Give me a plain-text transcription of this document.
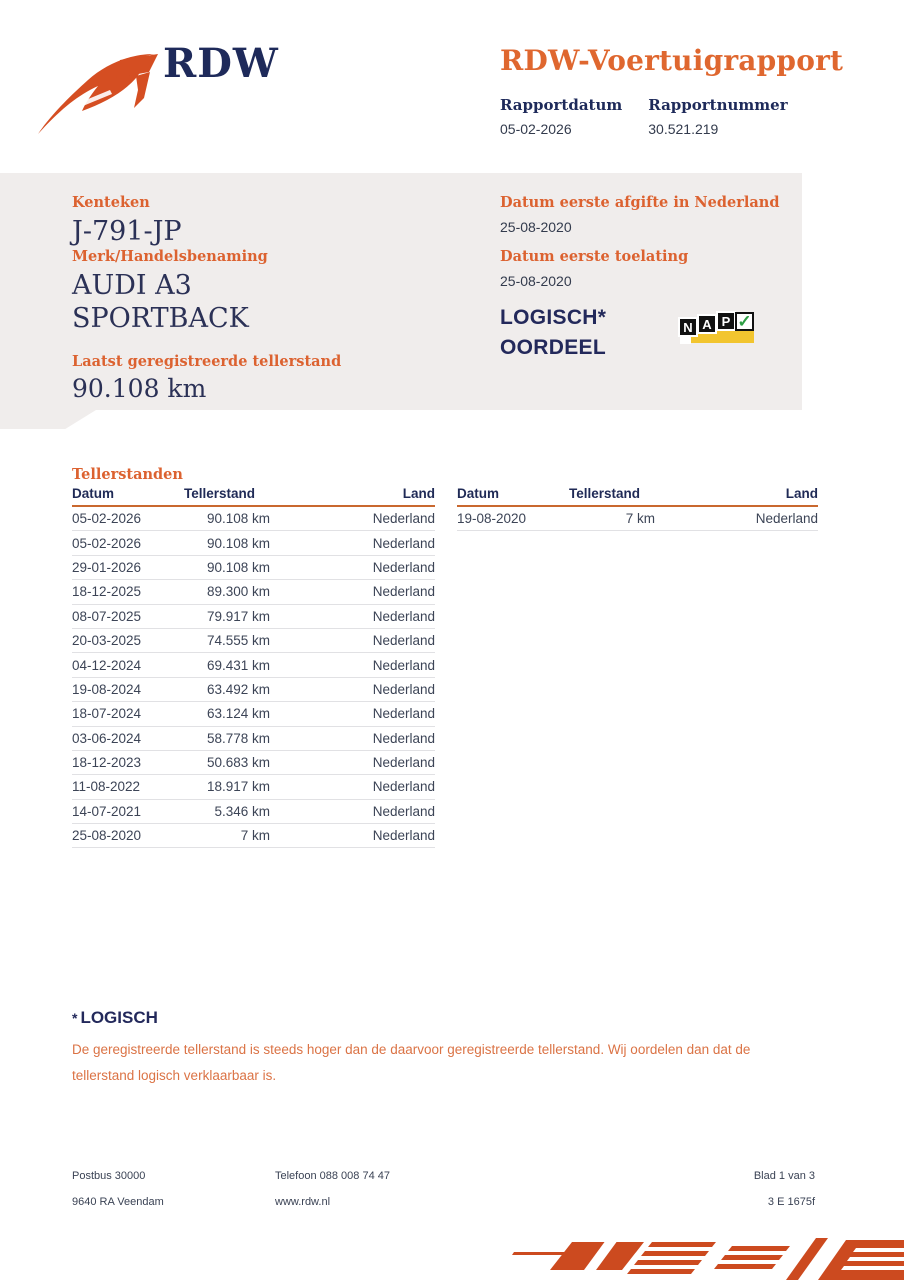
RDW	RDW-Voertuigrapport
Rapportdatum
05-02-2026
Rapportnummer
30.521.219
Kenteken
J-791-JP
Merk/Handelsbenaming
AUDI A3
SPORTBACK
Laatst geregistreerde tellerstand
90.108 km
Datum eerste afgifte in Nederland
25-08-2020
Datum eerste toelating
25-08-2020
LOGISCH*
OORDEEL
N A P ✓
Tellerstanden
Datum	Tellerstand	Land
05-02-2026	90.108 km	Nederland
05-02-2026	90.108 km	Nederland
29-01-2026	90.108 km	Nederland
18-12-2025	89.300 km	Nederland
08-07-2025	79.917 km	Nederland
20-03-2025	74.555 km	Nederland
04-12-2024	69.431 km	Nederland
19-08-2024	63.492 km	Nederland
18-07-2024	63.124 km	Nederland
03-06-2024	58.778 km	Nederland
18-12-2023	50.683 km	Nederland
11-08-2022	18.917 km	Nederland
14-07-2021	5.346 km	Nederland
25-08-2020	7 km	Nederland
Datum	Tellerstand	Land
19-08-2020	7 km	Nederland
* LOGISCH
De geregistreerde tellerstand is steeds hoger dan de daarvoor geregistreerde tellerstand. Wij oordelen dan dat de tellerstand logisch verklaarbaar is.
Postbus 30000
9640 RA Veendam
Telefoon 088 008 74 47
www.rdw.nl
Blad 1 van 3
3 E 1675f
